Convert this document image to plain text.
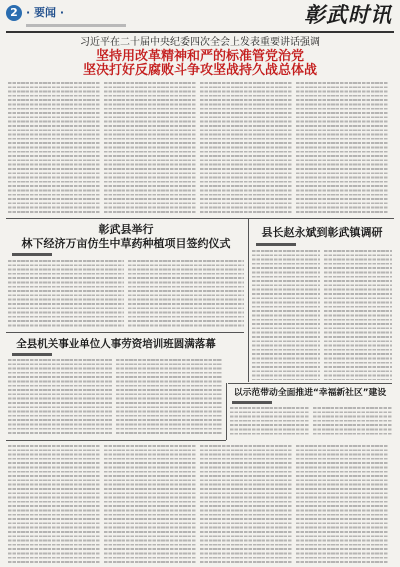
2 · 要闻 ·	彰武时讯
习近平在二十届中央纪委四次全会上发表重要讲话强调
坚持用改革精神和严的标准管党治党
坚决打好反腐败斗争攻坚战持久战总体战
彰武县举行
林下经济万亩仿生中草药种植项目签约仪式
县长赵永斌到彰武镇调研
全县机关事业单位人事劳资培训班圆满落幕
以示范带动全面推进“幸福新社区”建设
